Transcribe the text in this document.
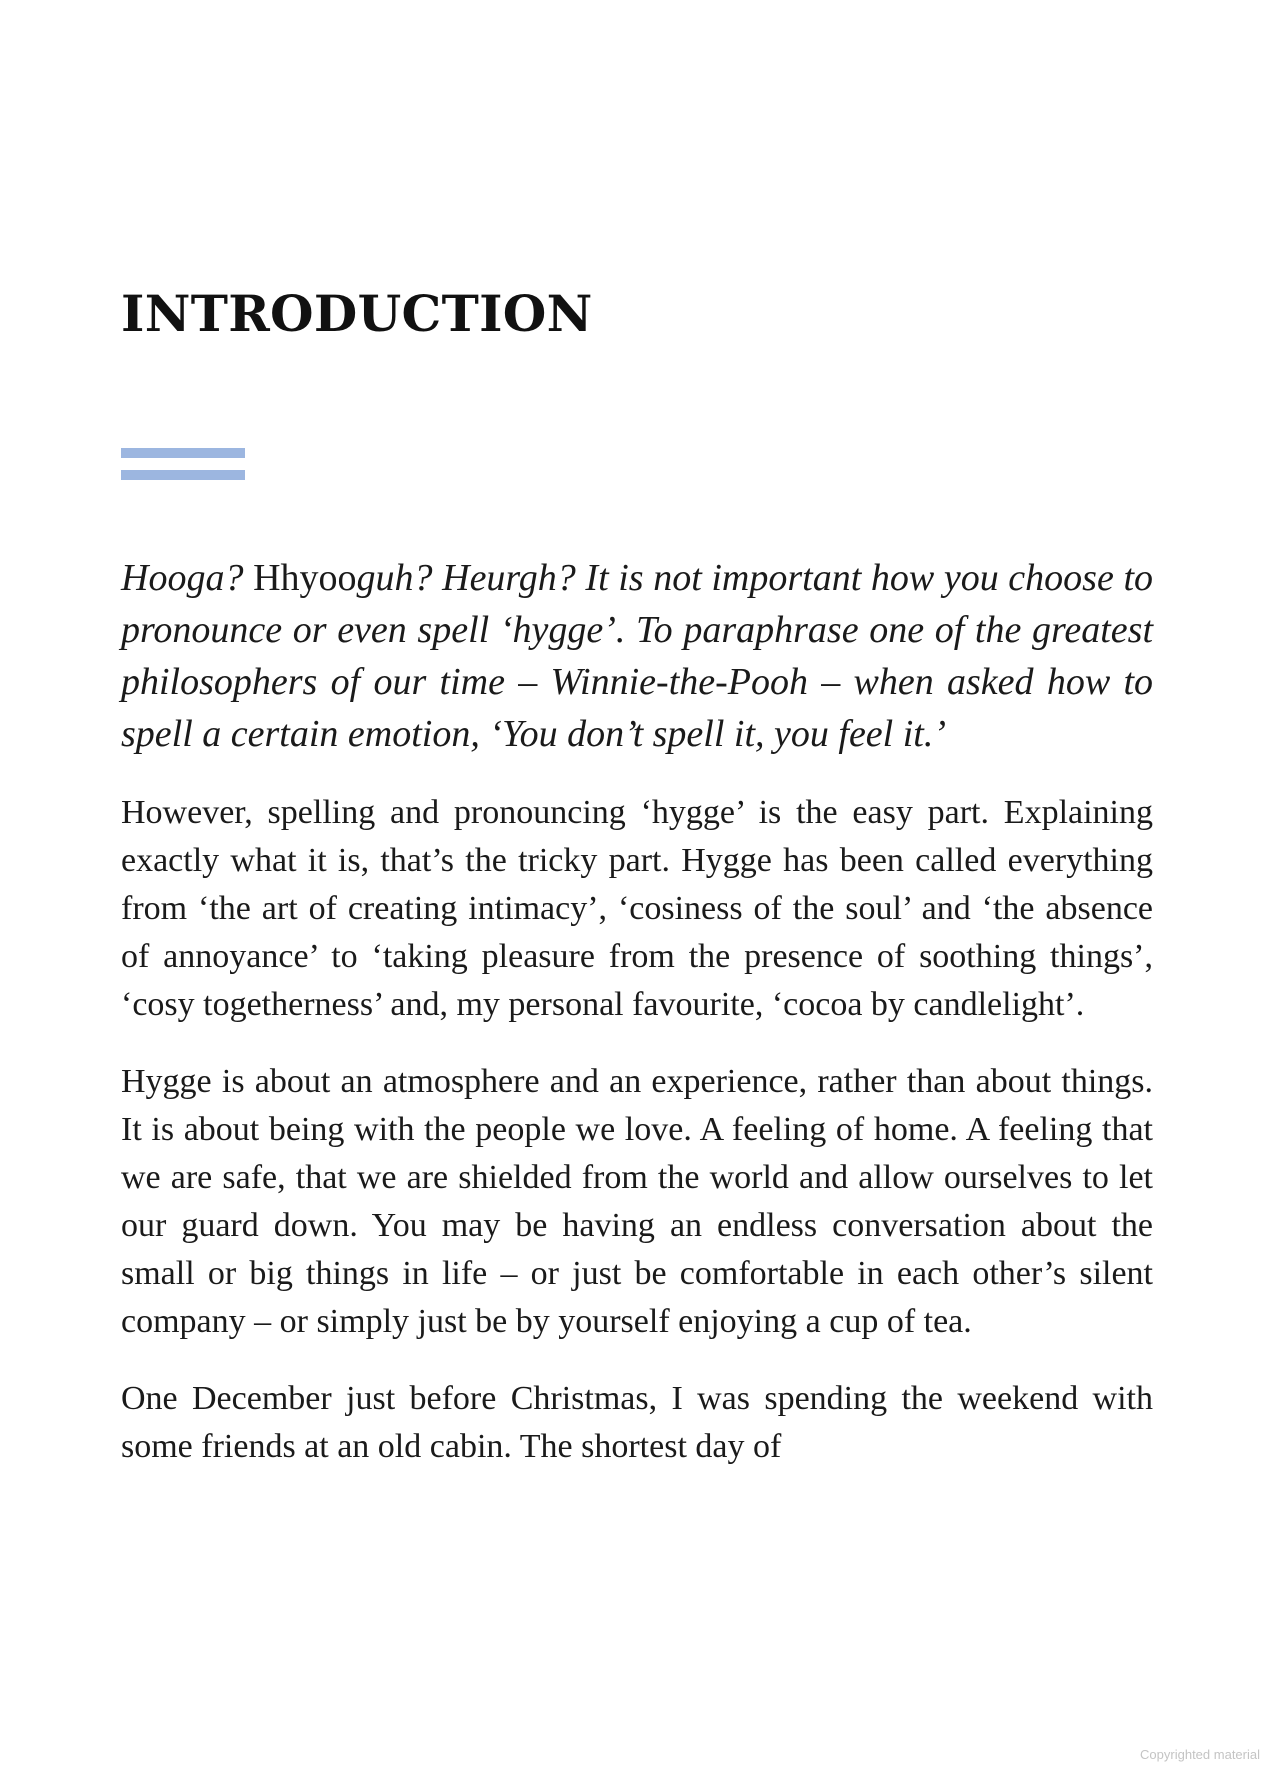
INTRODUCTION

Hooga? Hhyooguh? Heurgh? It is not important how you choose to pronounce or even spell ‘hygge’. To paraphrase one of the greatest philosophers of our time – Winnie-the-Pooh – when asked how to spell a certain emotion, ‘You don’t spell it, you feel it.’

However, spelling and pronouncing ‘hygge’ is the easy part. Explaining exactly what it is, that’s the tricky part. Hygge has been called everything from ‘the art of creating intimacy’, ‘cosiness of the soul’ and ‘the absence of annoyance’ to ‘taking pleasure from the presence of soothing things’, ‘cosy togetherness’ and, my personal favourite, ‘cocoa by candlelight’.

Hygge is about an atmosphere and an experience, rather than about things. It is about being with the people we love. A feeling of home. A feeling that we are safe, that we are shielded from the world and allow ourselves to let our guard down. You may be having an endless conversation about the small or big things in life – or just be comfortable in each other’s silent company – or simply just be by yourself enjoying a cup of tea.

One December just before Christmas, I was spending the weekend with some friends at an old cabin. The shortest day of

Copyrighted material
